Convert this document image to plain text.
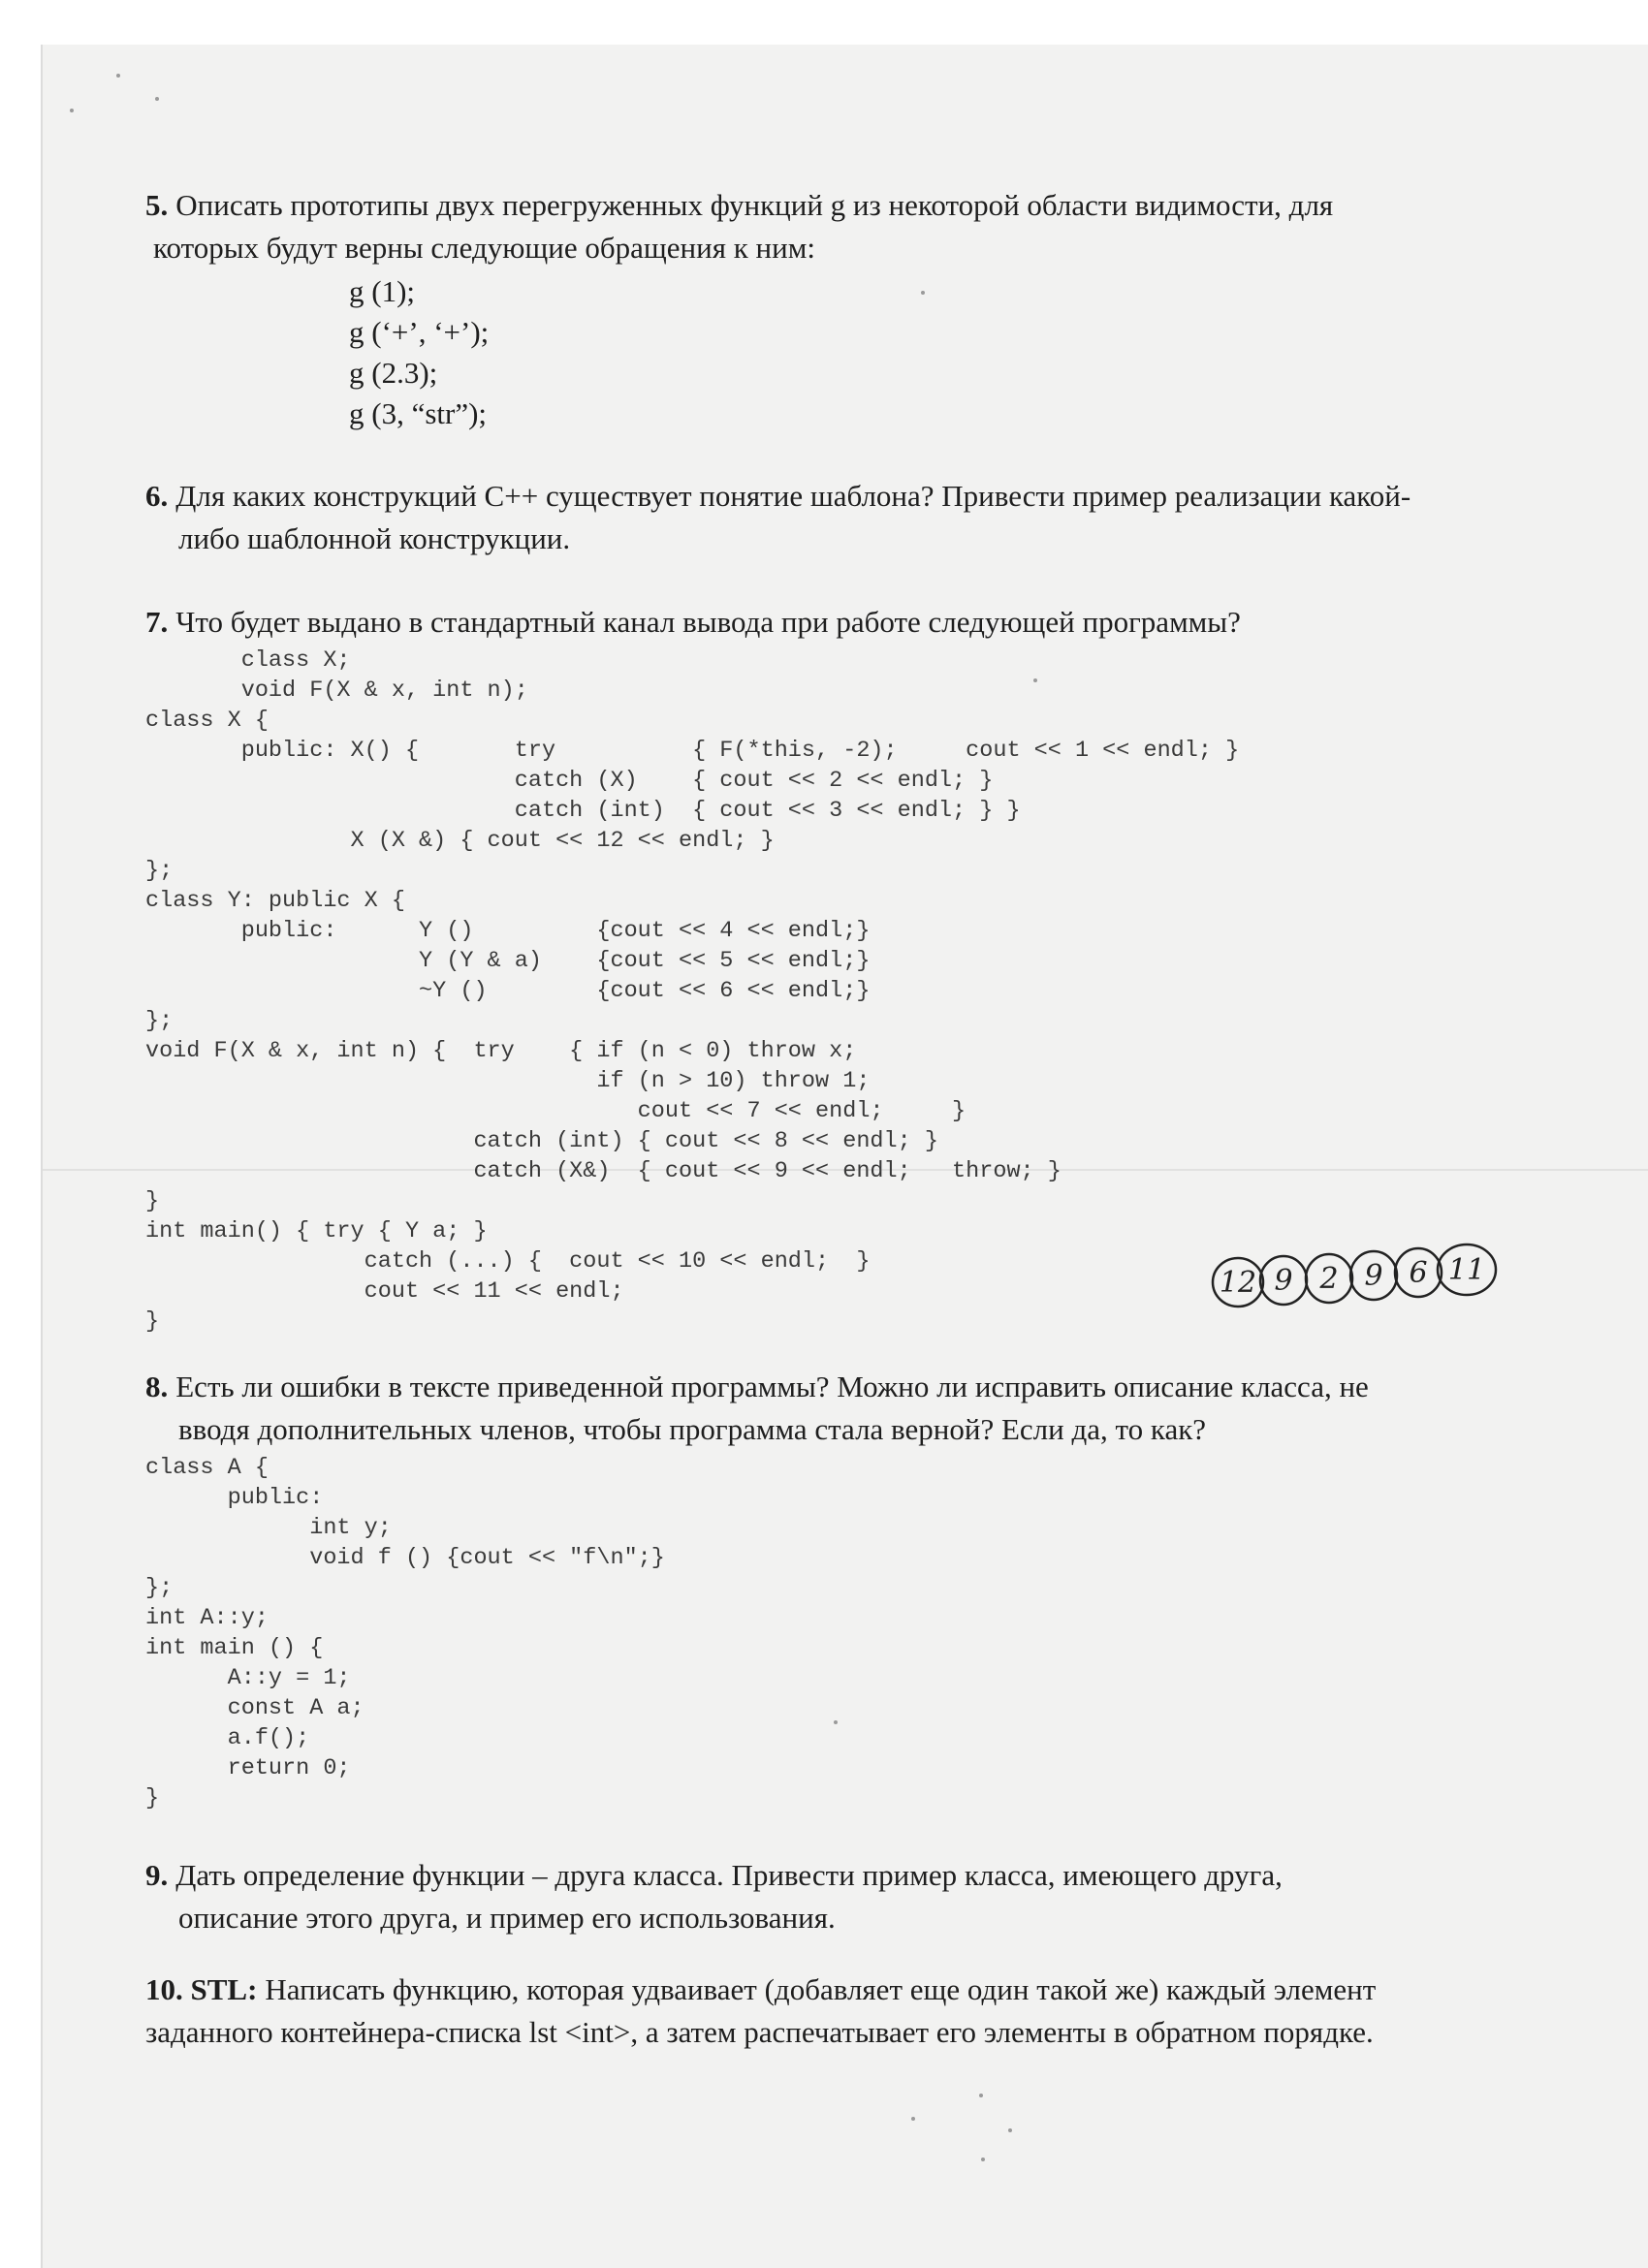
5. Описать прототипы двух перегруженных функций g из некоторой области видимости, для
которых будут верны следующие обращения к ним:

g (1);
g (‘+’, ‘+’);
g (2.3);
g (3, “str”);

6. Для каких конструкций С++ существует понятие шаблона? Привести пример реализации какой-
либо шаблонной конструкции.

7. Что будет выдано в стандартный канал вывода при работе следующей программы?

class X;
void F(X & x, int n);
class X {
public: X() {       try          { F(*this, -2);     cout << 1 << endl; }
catch (X)    { cout << 2 << endl; }
catch (int)  { cout << 3 << endl; } }
X (X &) { cout << 12 << endl; }
};
class Y: public X {
public:      Y ()         {cout << 4 << endl;}
Y (Y & a)    {cout << 5 << endl;}
~Y ()        {cout << 6 << endl;}
};
void F(X & x, int n) {  try    { if (n < 0) throw x;
if (n > 10) throw 1;
cout << 7 << endl;     }
catch (int) { cout << 8 << endl; }
catch (X&)  { cout << 9 << endl;   throw; }
}
int main() { try { Y a; }
catch (...) {  cout << 10 << endl;  }
cout << 11 << endl;
}

8. Есть ли ошибки в тексте приведенной программы? Можно ли исправить описание класса, не
вводя дополнительных членов, чтобы программа стала верной? Если да, то как?

class A {
public:
int y;
void f () {cout << "f\n";}
};
int A::y;
int main () {
A::y = 1;
const A a;
a.f();
return 0;
}

9. Дать определение функции – друга класса. Привести пример класса, имеющего друга,
описание этого друга, и пример его использования.

10. STL: Написать функцию, которая удваивает (добавляет еще один такой же) каждый элемент
заданного контейнера-списка lst <int>, а затем распечатывает его элементы в обратном порядке.

12 9 2 9 6 11
